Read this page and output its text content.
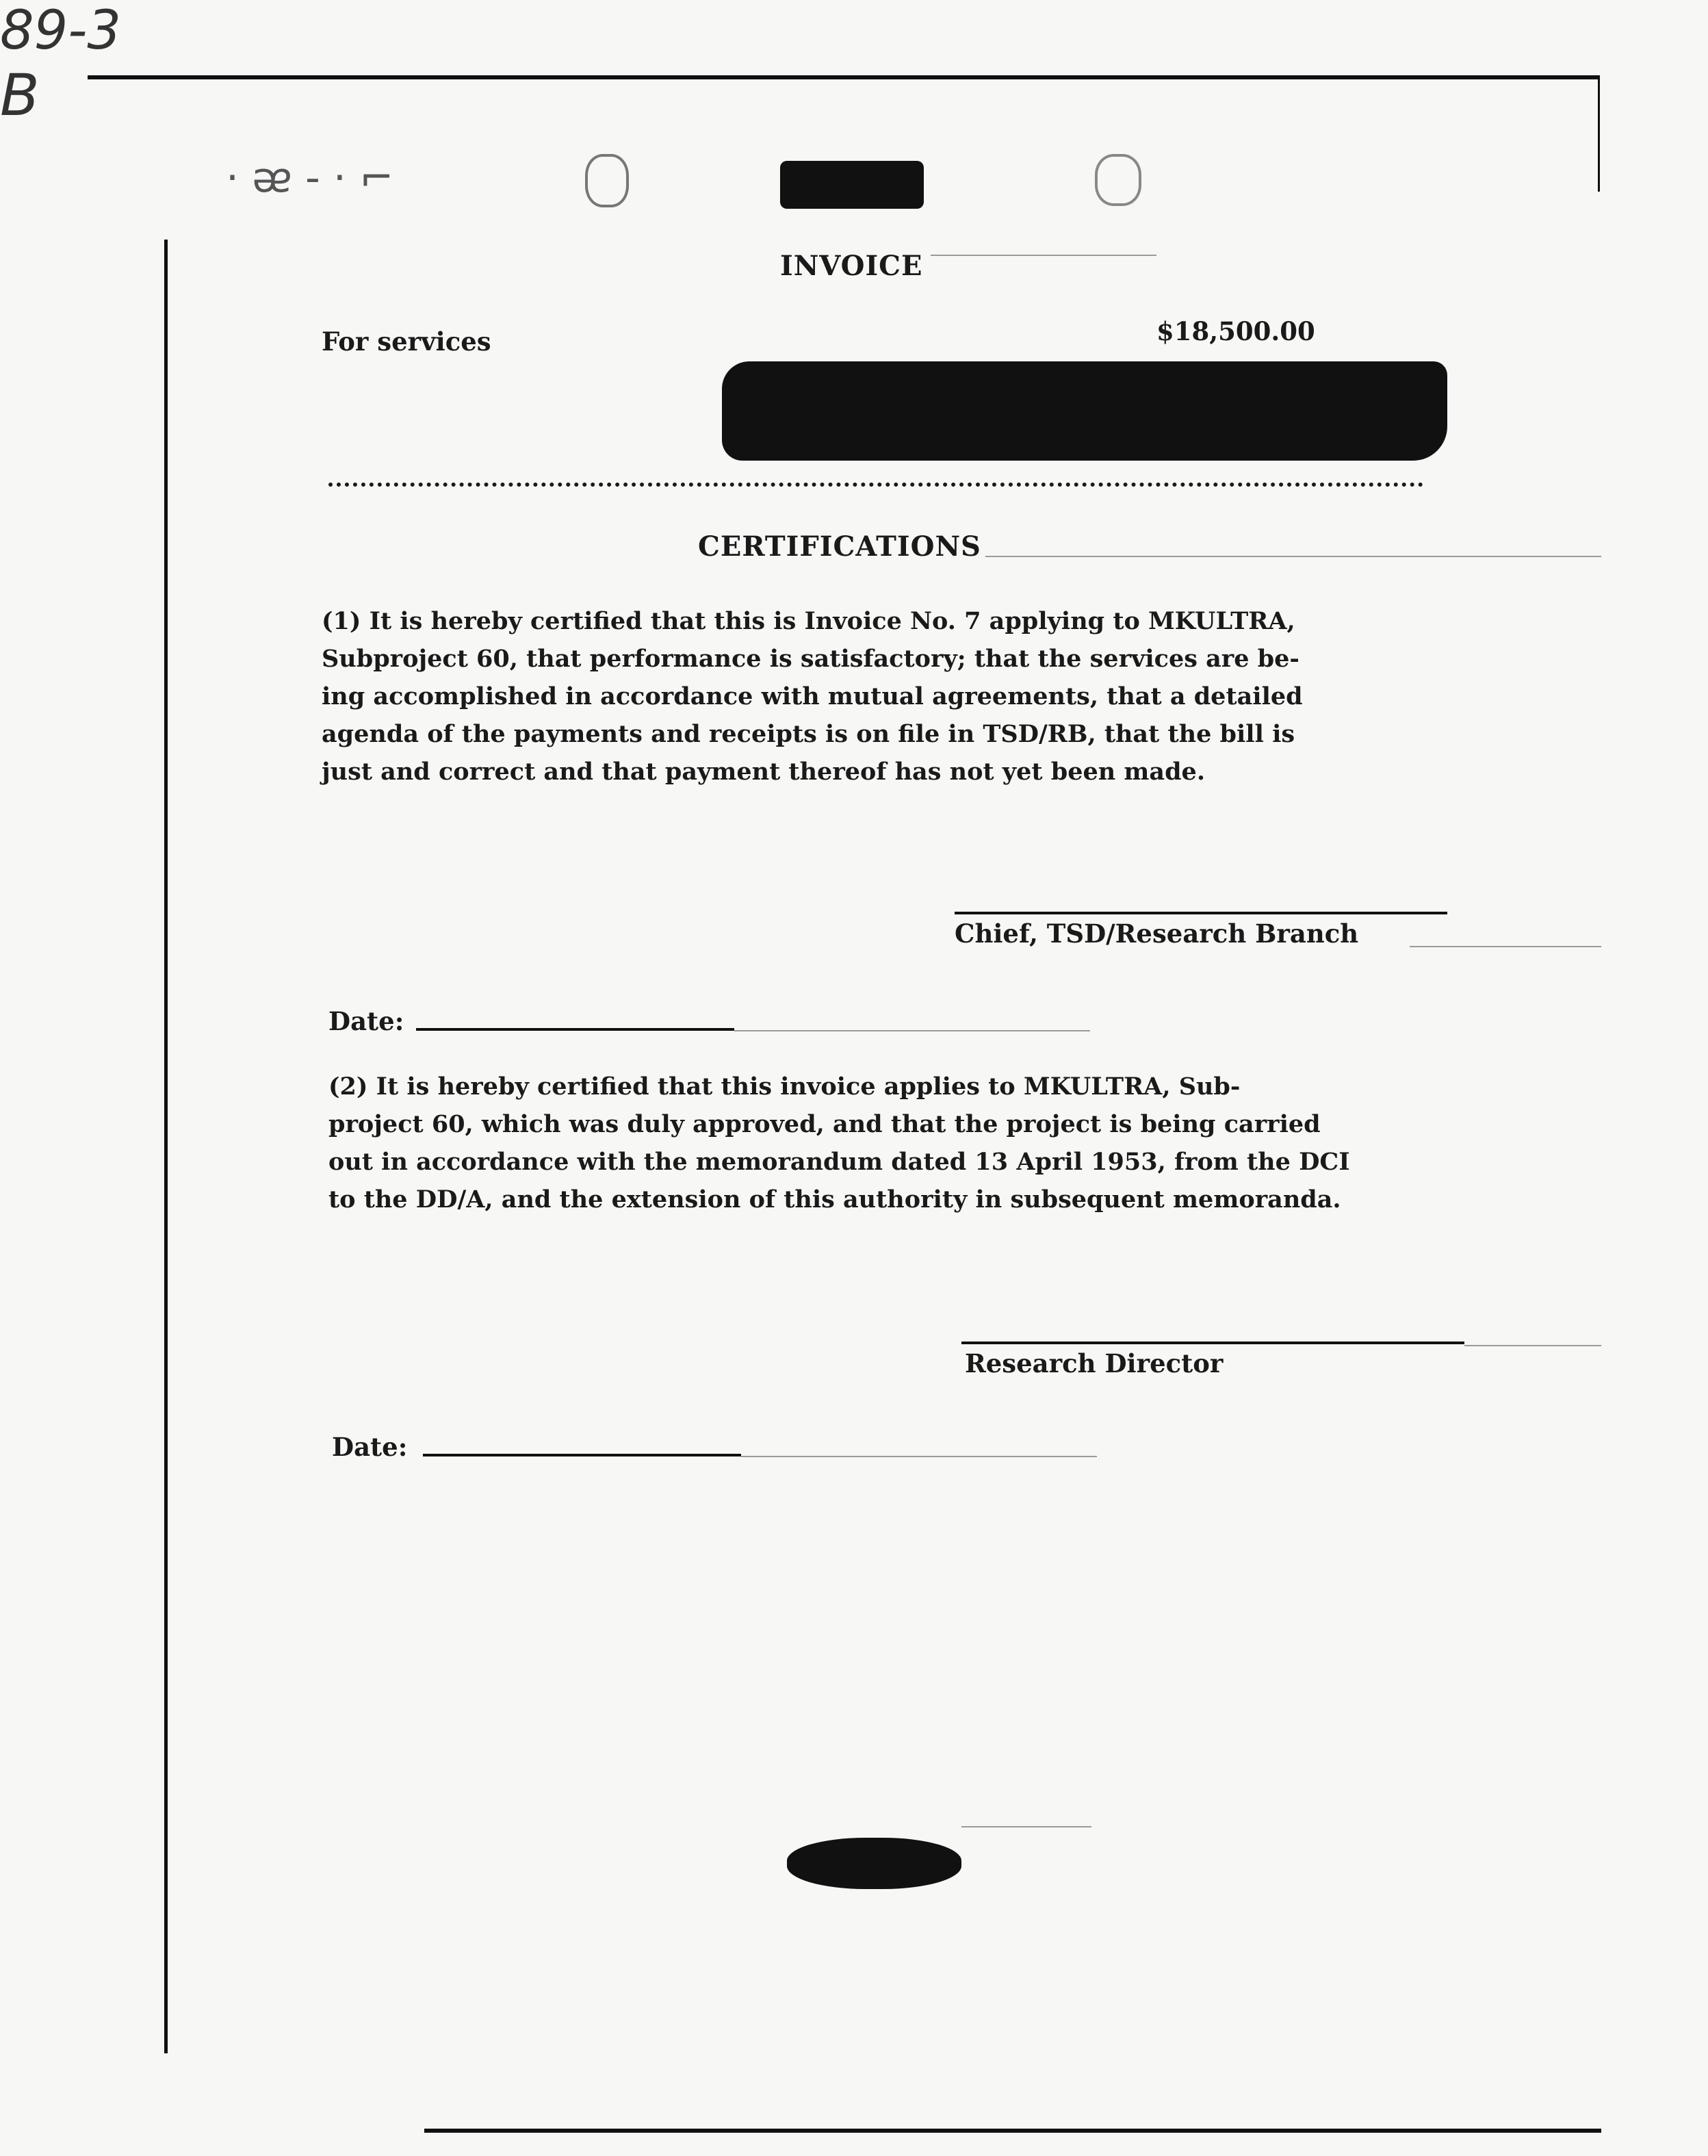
89-3
· ᴂ - · ⌐
INVOICE
For services	$18,500.00
B
CERTIFICATIONS
(1) It is hereby certified that this is Invoice No. 7 applying to MKULTRA,
Subproject 60, that performance is satisfactory; that the services are be-
ing accomplished in accordance with mutual agreements, that a detailed
agenda of the payments and receipts is on file in TSD/RB, that the bill is
just and correct and that payment thereof has not yet been made.
Chief, TSD/Research Branch
Date:
(2) It is hereby certified that this invoice applies to MKULTRA, Sub-
project 60, which was duly approved, and that the project is being carried
out in accordance with the memorandum dated 13 April 1953, from the DCI
to the DD/A, and the extension of this authority in subsequent memoranda.
Research Director
Date:
